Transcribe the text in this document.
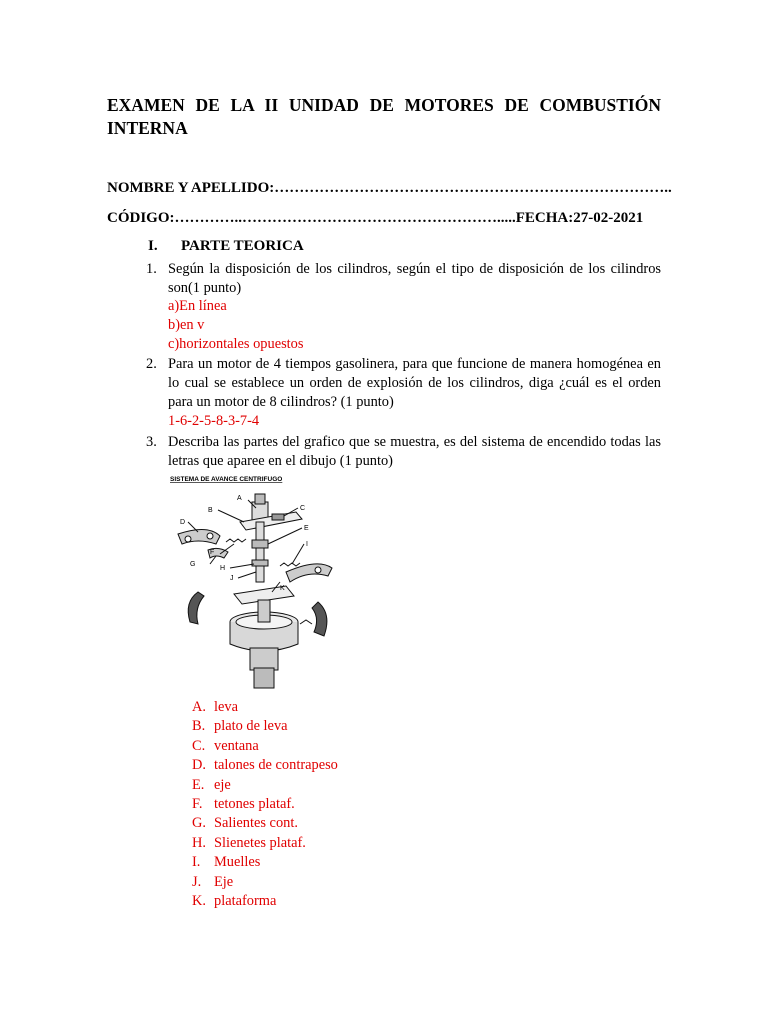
EXAMEN DE LA II UNIDAD DE MOTORES DE COMBUSTIÓN INTERNA
NOMBRE Y APELLIDO:……………………………………………………………………..
CÓDIGO:…………..…………………………………………….....FECHA:27-02-2021
I. PARTE TEORICA
1. Según la disposición de los cilindros, según el tipo de disposición de los cilindros son(1 punto)
a)En línea
b)en v
c)horizontales opuestos
2. Para un motor de 4 tiempos gasolinera, para que funcione de manera homogénea en lo cual se establece un orden de explosión de los cilindros, diga ¿cuál es el orden para un motor de 8 cilindros? (1 punto)
1-6-2-5-8-3-7-4
3. Describa las partes del grafico que se muestra, es del sistema de encendido todas las letras que aparee en el dibujo (1 punto)
SISTEMA DE AVANCE CENTRIFUGO
A
B	C
D
E
F
G
H
I
J
K
A. leva
B. plato de leva
C. ventana
D. talones de contrapeso
E. eje
F. tetones plataf.
G. Salientes cont.
H. Slienetes plataf.
I. Muelles
J. Eje
K. plataforma
